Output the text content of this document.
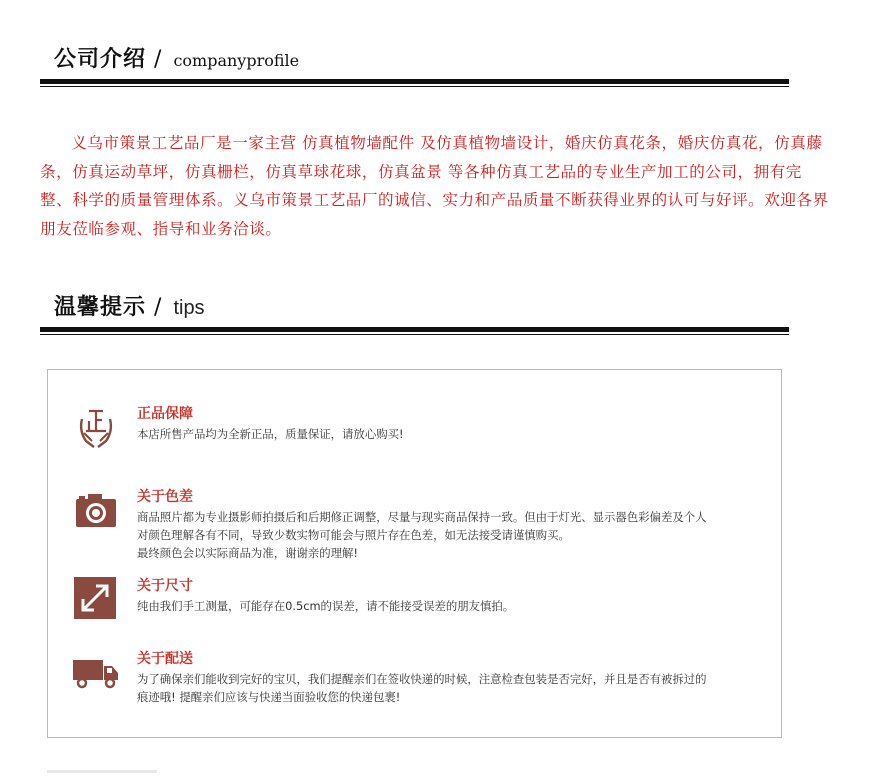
公司介绍 / companyprofile

义乌市策景工艺品厂是一家主营 仿真植物墙配件 及仿真植物墙设计，婚庆仿真花条，婚庆仿真花，仿真藤条，仿真运动草坪，仿真栅栏，仿真草球花球，仿真盆景 等各种仿真工艺品的专业生产加工的公司，拥有完整、科学的质量管理体系。义乌市策景工艺品厂的诚信、实力和产品质量不断获得业界的认可与好评。欢迎各界朋友莅临参观、指导和业务洽谈。

温馨提示 / tips
正品保障

本店所售产品均为全新正品，质量保证，请放心购买!

关于色差

商品照片都为专业摄影师拍摄后和后期修正调整，尽量与现实商品保持一致。但由于灯光、显示器色彩偏差及个人
对颜色理解各有不同，导致少数实物可能会与照片存在色差，如无法接受请谨慎购买。
最终颜色会以实际商品为准，谢谢亲的理解!

关于尺寸

纯由我们手工测量，可能存在0.5cm的误差，请不能接受误差的朋友慎拍。

关于配送

为了确保亲们能收到完好的宝贝，我们提醒亲们在签收快递的时候，注意检查包装是否完好，并且是否有被拆过的
痕迹哦! 提醒亲们应该与快递当面验收您的快递包裹!
